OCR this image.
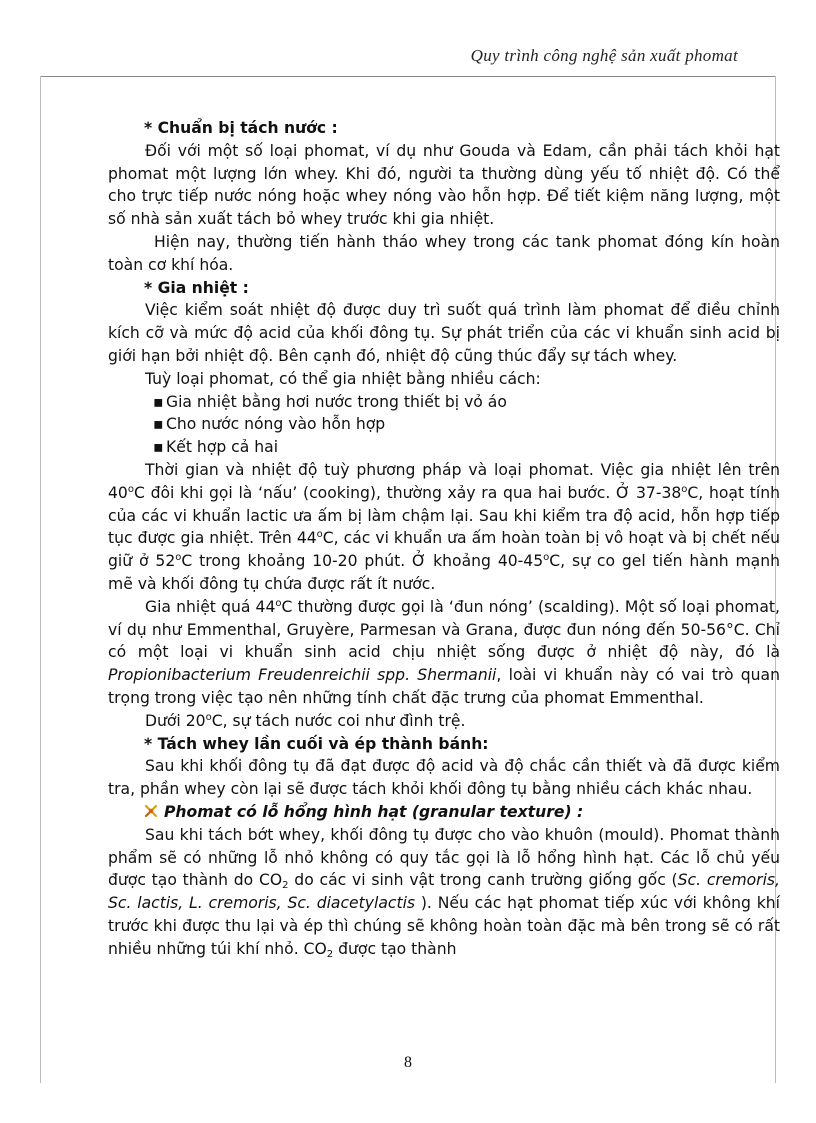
Quy trình công nghệ sản xuất phomat

* Chuẩn bị tách nước :

Đối với một số loại phomat, ví dụ như Gouda và Edam, cần phải tách khỏi hạt phomat một lượng lớn whey. Khi đó, người ta thường dùng yếu tố nhiệt độ. Có thể cho trực tiếp nước nóng hoặc whey nóng vào hỗn hợp. Để tiết kiệm năng lượng, một số nhà sản xuất tách bỏ whey trước khi gia nhiệt.

Hiện nay, thường tiến hành tháo whey trong các tank phomat đóng kín hoàn toàn cơ khí hóa.

* Gia nhiệt :

Việc kiểm soát nhiệt độ được duy trì suốt quá trình làm phomat để điều chỉnh kích cỡ và mức độ acid của khối đông tụ. Sự phát triển của các vi khuẩn sinh acid bị giới hạn bởi nhiệt độ. Bên cạnh đó, nhiệt độ cũng thúc đẩy sự tách whey.

Tuỳ loại phomat, có thể gia nhiệt bằng nhiều cách:

▪ Gia nhiệt bằng hơi nước trong thiết bị vỏ áo

▪ Cho nước nóng vào hỗn hợp

▪ Kết hợp cả hai

Thời gian và nhiệt độ tuỳ phương pháp và loại phomat. Việc gia nhiệt lên trên 40$^o$C đôi khi gọi là ‘nấu’ (cooking), thường xảy ra qua hai bước. Ở 37-38$^o$C, hoạt tính của các vi khuẩn lactic ưa ấm bị làm chậm lại. Sau khi kiểm tra độ acid, hỗn hợp tiếp tục được gia nhiệt. Trên 44$^o$C, các vi khuẩn ưa ấm hoàn toàn bị vô hoạt và bị chết nếu giữ ở 52$^o$C trong khoảng 10-20 phút. Ở khoảng 40-45$^o$C, sự co gel tiến hành mạnh mẽ và khối đông tụ chứa được rất ít nước.

Gia nhiệt quá 44$^o$C thường được gọi là ‘đun nóng’ (scalding). Một số loại phomat, ví dụ như Emmenthal, Gruyère, Parmesan và Grana, được đun nóng đến 50-56°C. Chỉ có một loại vi khuẩn sinh acid chịu nhiệt sống được ở nhiệt độ này, đó là Propionibacterium Freudenreichii spp. Shermanii, loài vi khuẩn này có vai trò quan trọng trong việc tạo nên những tính chất đặc trưng của phomat Emmenthal.

Dưới 20$^o$C, sự tách nước coi như đình trệ.

* Tách whey lần cuối và ép thành bánh:

Sau khi khối đông tụ đã đạt được độ acid và độ chắc cần thiết và đã được kiểm tra, phần whey còn lại sẽ được tách khỏi khối đông tụ bằng nhiều cách khác nhau.

Phomat có lỗ hổng hình hạt (granular texture) :

Sau khi tách bớt whey, khối đông tụ được cho vào khuôn (mould). Phomat thành phẩm sẽ có những lỗ nhỏ không có quy tắc gọi là lỗ hổng hình hạt. Các lỗ chủ yếu được tạo thành do $CO_2$ do các vi sinh vật trong canh trường giống gốc (Sc. cremoris, Sc. lactis, L. cremoris, Sc. diacetylactis ). Nếu các hạt phomat tiếp xúc với không khí trước khi được thu lại và ép thì chúng sẽ không hoàn toàn đặc mà bên trong sẽ có rất nhiều những túi khí nhỏ. $CO_2$ được tạo thành

8
